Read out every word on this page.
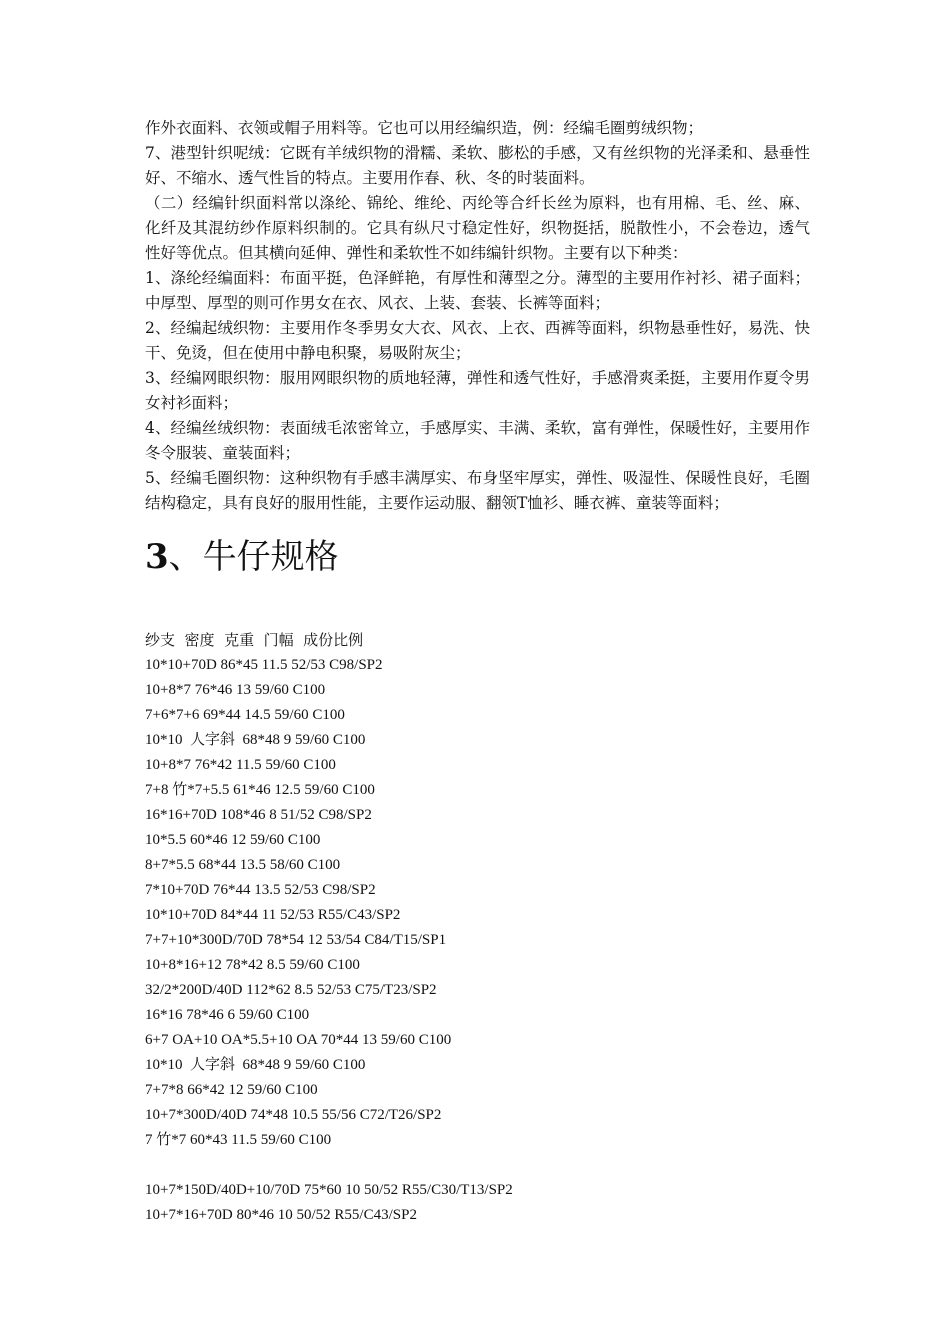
作外衣面料、衣领或帽子用料等。它也可以用经编织造，例：经编毛圈剪绒织物；

7、港型针织呢绒：它既有羊绒织物的滑糯、柔软、膨松的手感，又有丝织物的光泽柔和、悬垂性好、不缩水、透气性旨的特点。主要用作春、秋、冬的时装面料。

（二）经编针织面料常以涤纶、锦纶、维纶、丙纶等合纤长丝为原料，也有用棉、毛、丝、麻、化纤及其混纺纱作原料织制的。它具有纵尺寸稳定性好，织物挺括，脱散性小，不会卷边，透气性好等优点。但其横向延伸、弹性和柔软性不如纬编针织物。主要有以下种类：

1、涤纶经编面料：布面平挺，色泽鲜艳，有厚性和薄型之分。薄型的主要用作衬衫、裙子面料；中厚型、厚型的则可作男女在衣、风衣、上装、套装、长裤等面料；

2、经编起绒织物：主要用作冬季男女大衣、风衣、上衣、西裤等面料，织物悬垂性好，易洗、快干、免烫，但在使用中静电积聚，易吸附灰尘；

3、经编网眼织物：服用网眼织物的质地轻薄，弹性和透气性好，手感滑爽柔挺，主要用作夏令男女衬衫面料；

4、经编丝绒织物：表面绒毛浓密耸立，手感厚实、丰满、柔软，富有弹性，保暖性好，主要用作冬令服装、童装面料；

5、经编毛圈织物：这种织物有手感丰满厚实、布身坚牢厚实，弹性、吸湿性、保暖性良好，毛圈结构稳定，具有良好的服用性能，主要作运动服、翻领T恤衫、睡衣裤、童装等面料；

3、牛仔规格
纱支  密度  克重  门幅  成份比例
10*10+70D 86*45 11.5 52/53 C98/SP2
10+8*7 76*46 13 59/60 C100
7+6*7+6 69*44 14.5 59/60 C100
10*10  人字斜  68*48 9 59/60 C100
10+8*7 76*42 11.5 59/60 C100
7+8 竹*7+5.5 61*46 12.5 59/60 C100
16*16+70D 108*46 8 51/52 C98/SP2
10*5.5 60*46 12 59/60 C100
8+7*5.5 68*44 13.5 58/60 C100
7*10+70D 76*44 13.5 52/53 C98/SP2
10*10+70D 84*44 11 52/53 R55/C43/SP2
7+7+10*300D/70D 78*54 12 53/54 C84/T15/SP1
10+8*16+12 78*42 8.5 59/60 C100
32/2*200D/40D 112*62 8.5 52/53 C75/T23/SP2
16*16 78*46 6 59/60 C100
6+7 OA+10 OA*5.5+10 OA 70*44 13 59/60 C100
10*10  人字斜  68*48 9 59/60 C100
7+7*8 66*42 12 59/60 C100
10+7*300D/40D 74*48 10.5 55/56 C72/T26/SP2
7 竹*7 60*43 11.5 59/60 C100
10+7*150D/40D+10/70D 75*60 10 50/52 R55/C30/T13/SP2
10+7*16+70D 80*46 10 50/52 R55/C43/SP2
